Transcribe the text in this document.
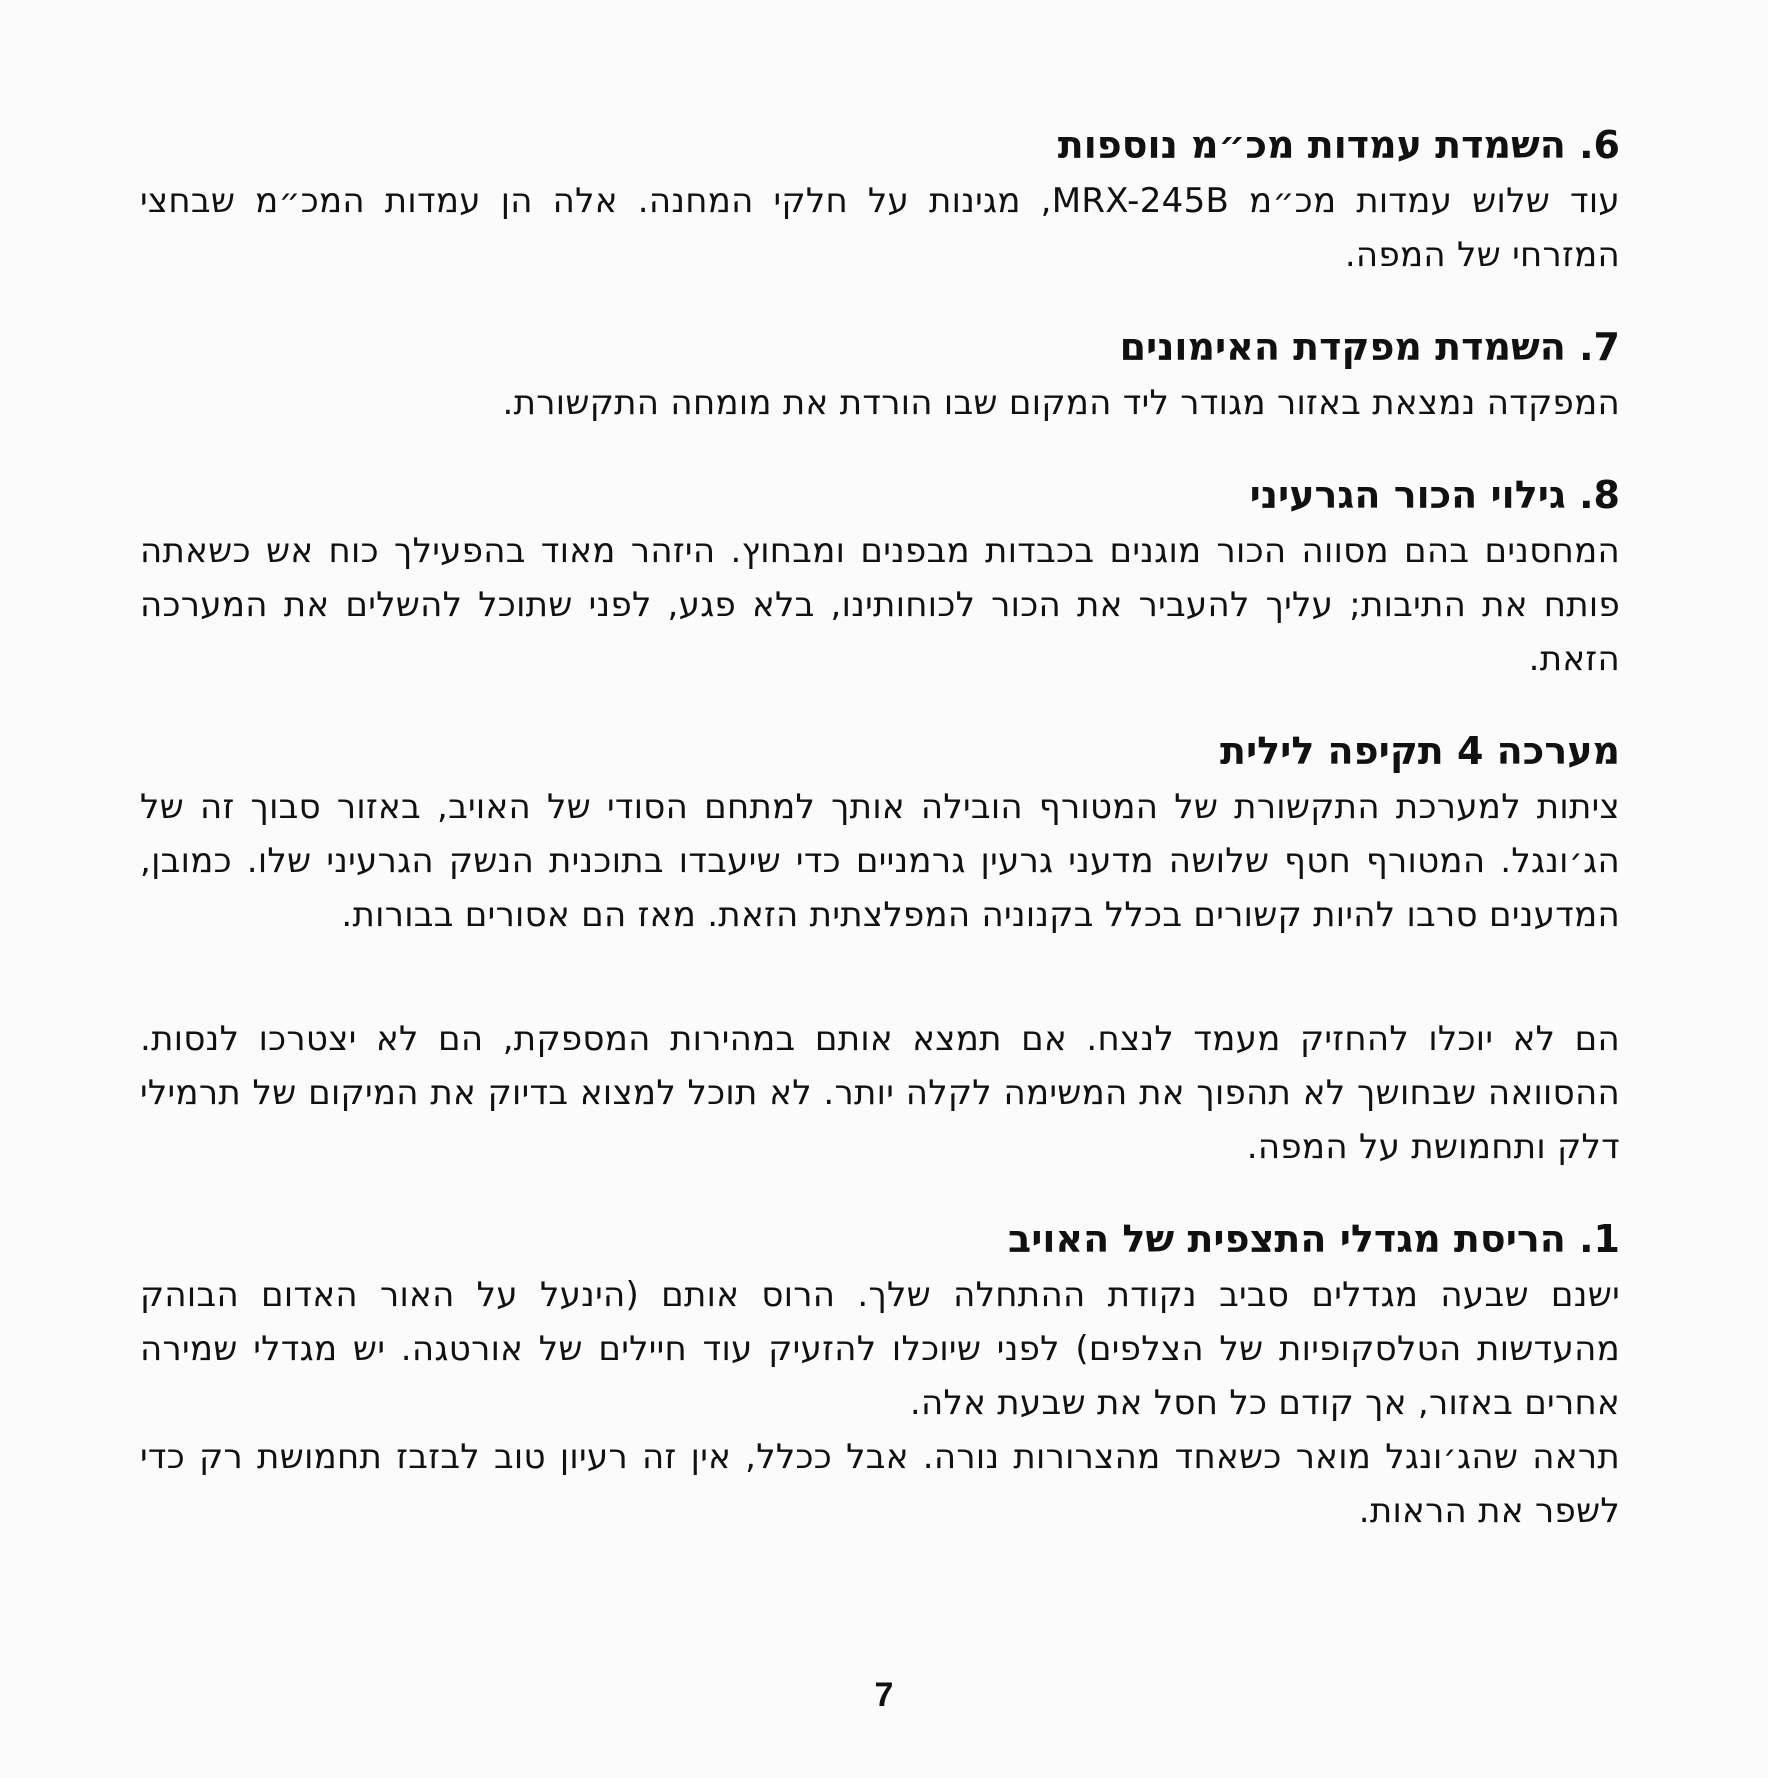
6. השמדת עמדות מכ״מ נוספות

עוד שלוש עמדות מכ״מ MRX-245B, מגינות על חלקי המחנה. אלה הן עמדות המכ״מ שבחצי המזרחי של המפה.

7. השמדת מפקדת האימונים

המפקדה נמצאת באזור מגודר ליד המקום שבו הורדת את מומחה התקשורת.

8. גילוי הכור הגרעיני

המחסנים בהם מסווה הכור מוגנים בכבדות מבפנים ומבחוץ. היזהר מאוד בהפעילך כוח אש כשאתה פותח את התיבות; עליך להעביר את הכור לכוחותינו, בלא פגע, לפני שתוכל להשלים את המערכה הזאת.

מערכה 4 תקיפה לילית

ציתות למערכת התקשורת של המטורף הובילה אותך למתחם הסודי של האויב, באזור סבוך זה של הג׳ונגל. המטורף חטף שלושה מדעני גרעין גרמניים כדי שיעבדו בתוכנית הנשק הגרעיני שלו. כמובן, המדענים סרבו להיות קשורים בכלל בקנוניה המפלצתית הזאת. מאז הם אסורים בבורות.

הם לא יוכלו להחזיק מעמד לנצח. אם תמצא אותם במהירות המספקת, הם לא יצטרכו לנסות. ההסוואה שבחושך לא תהפוך את המשימה לקלה יותר. לא תוכל למצוא בדיוק את המיקום של תרמילי דלק ותחמושת על המפה.

1. הריסת מגדלי התצפית של האויב

ישנם שבעה מגדלים סביב נקודת ההתחלה שלך. הרוס אותם (הינעל על האור האדום הבוהק מהעדשות הטלסקופיות של הצלפים) לפני שיוכלו להזעיק עוד חיילים של אורטגה. יש מגדלי שמירה אחרים באזור, אך קודם כל חסל את שבעת אלה.

תראה שהג׳ונגל מואר כשאחד מהצרורות נורה. אבל ככלל, אין זה רעיון טוב לבזבז תחמושת רק כדי לשפר את הראות.

7
